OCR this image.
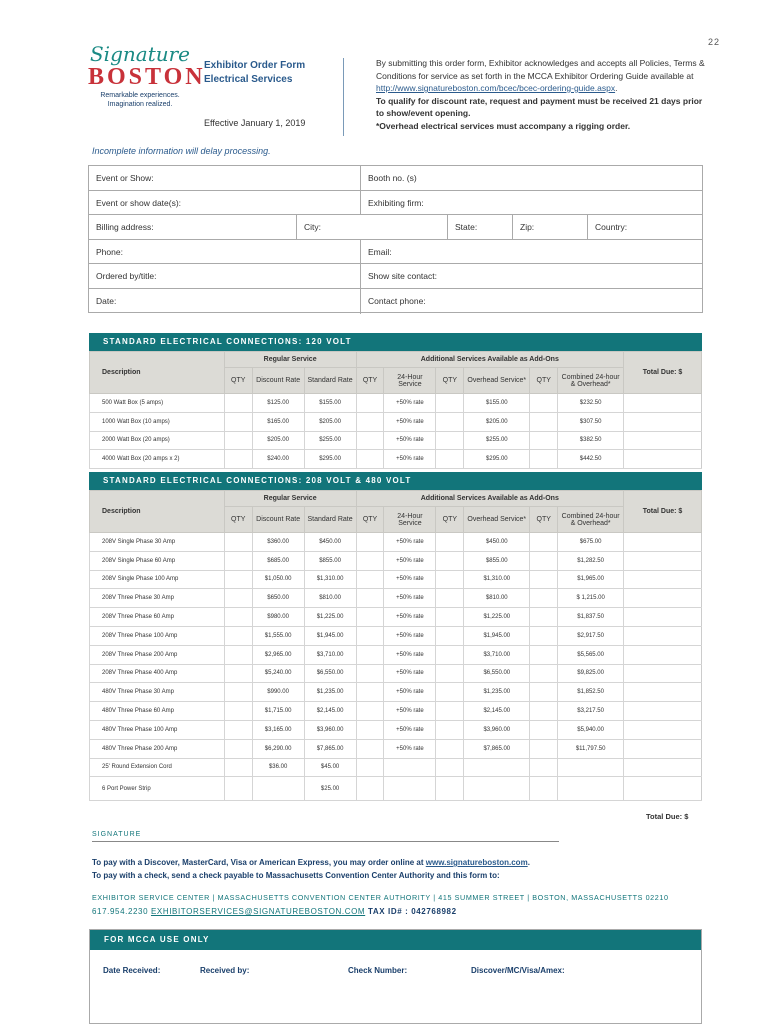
22
Signature
BOSTON
Remarkable experiences.
Imagination realized.
Exhibitor Order Form
Electrical Services
Effective January 1, 2019
By submitting this order form, Exhibitor acknowledges and accepts all Policies, Terms & Conditions for service as set forth in the MCCA Exhibitor Ordering Guide available at http://www.signatureboston.com/bcec/bcec-ordering-guide.aspx.
To qualify for discount rate, request and payment must be received 21 days prior to show/event opening.
*Overhead electrical services must accompany a rigging order.
Incomplete information will delay processing.
Event or Show:	Booth no. (s)
Event or show date(s):	Exhibiting firm:
Billing address:	City:	State:	Zip:	Country:
Phone:	Email:
Ordered by/title:	Show site contact:
Date:	Contact phone:
STANDARD ELECTRICAL CONNECTIONS: 120 VOLT
Description	Regular Service			Additional Services Available as Add-Ons						Total Due: $
	QTY	Discount Rate	Standard Rate	QTY	24-Hour Service	QTY	Overhead Service*	QTY	Combined 24-hour & Overhead*	
500 Watt Box (5 amps)		$125.00	$155.00		+50% rate		$155.00		$232.50	
1000 Watt Box (10 amps)		$165.00	$205.00		+50% rate		$205.00		$307.50	
2000 Watt Box (20 amps)		$205.00	$255.00		+50% rate		$255.00		$382.50	
4000 Watt Box (20 amps x 2)		$240.00	$295.00		+50% rate		$295.00		$442.50	
STANDARD ELECTRICAL CONNECTIONS: 208 VOLT & 480 VOLT
Description	Regular Service			Additional Services Available as Add-Ons						Total Due: $
	QTY	Discount Rate	Standard Rate	QTY	24-Hour Service	QTY	Overhead Service*	QTY	Combined 24-hour & Overhead*	
208V Single Phase 30 Amp		$360.00	$450.00		+50% rate		$450.00		$675.00	
208V Single Phase 60 Amp		$685.00	$855.00		+50% rate		$855.00		$1,282.50	
208V Single Phase 100 Amp		$1,050.00	$1,310.00		+50% rate		$1,310.00		$1,965.00	
208V Three Phase 30 Amp		$650.00	$810.00		+50% rate		$810.00		$ 1,215.00	
208V Three Phase 60 Amp		$980.00	$1,225.00		+50% rate		$1,225.00		$1,837.50	
208V Three Phase 100 Amp		$1,555.00	$1,945.00		+50% rate		$1,945.00		$2,917.50	
208V Three Phase 200 Amp		$2,965.00	$3,710.00		+50% rate		$3,710.00		$5,565.00	
208V Three Phase 400 Amp		$5,240.00	$6,550.00		+50% rate		$6,550.00		$9,825.00	
480V Three Phase 30 Amp		$990.00	$1,235.00		+50% rate		$1,235.00		$1,852.50	
480V Three Phase 60 Amp		$1,715.00	$2,145.00		+50% rate		$2,145.00		$3,217.50	
480V Three Phase 100 Amp		$3,165.00	$3,960.00		+50% rate		$3,960.00		$5,940.00	
480V Three Phase 200 Amp		$6,290.00	$7,865.00		+50% rate		$7,865.00		$11,797.50	
25' Round Extension Cord		$36.00	$45.00							
6 Port Power Strip			$25.00							
Total Due: $
SIGNATURE
To pay with a Discover, MasterCard, Visa or American Express, you may order online at www.signatureboston.com.
To pay with a check, send a check payable to Massachusetts Convention Center Authority and this form to:
EXHIBITOR SERVICE CENTER | MASSACHUSETTS CONVENTION CENTER AUTHORITY | 415 SUMMER STREET | BOSTON, MASSACHUSETTS 02210
617.954.2230 EXHIBITORSERVICES@SIGNATUREBOSTON.COM TAX ID# : 042768982
FOR MCCA USE ONLY
Date Received:	Received by:	Check Number:	Discover/MC/Visa/Amex:
